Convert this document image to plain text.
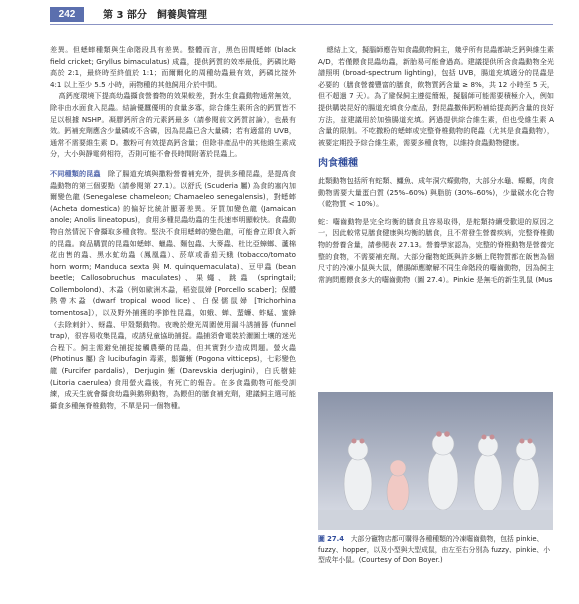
242	第 3 部分　飼養與管理

差異。但蟋蟀種類與生命階段具有差異。整體而言，黑色田間蟋蟀 (black field cricket; Gryllus bimaculatus) 成蟲，提供鈣質的效率最低，鈣磷比略高於 2:1，最終時至終值於 1:1；而爾爾化的周種幼蟲最有效，鈣磷比接外 4:1 以上至少 5.5 小時，兩物種的其他飼用介於中間。

高鈣度環境下提高幼蟲攝食營養物的效果較差，對水生食蟲動物通常無效，除非由水面食入昆蟲。結論優蠶優明的食量多寡，綜合維生素所含的鈣質皆不足以根據 NSHP。凝膠鈣所含的元素鈣最多（請參閱前文鈣質討論），也最有效。鈣補充劑應含少量磷或不含磷，因為昆蟲已含大量磷；若有適當的 UVB，通常不需要維生素 D。撒粉可有效提高鈣含量；但除非產品中的其他維生素成分，大小與靜電荷相符，否則可能不會長時間附著於昆蟲上。

不同種類的昆蟲　 除了腸道充填與撒粉營養補充外，提供多種昆蟲，是提高食蟲動物的第三個要點（請參閱第 27.1）。以舒氏 (Scuderia 屬) 為食的塞內加爾變色龍 (Senegalese chameleon; Chamaeleo senegalensis)，對蟋蟀 (Acheta domestica) 的偏好比統計顯著差異。牙買加變色龍 (Jamaican anole; Anolis lineatopus)，食用多種昆蟲幼蟲的生長速率明顯較快。食蟲動物自然情況下會攝取多種食物。堅決不食用蟋蟀的變色龍，可能會立即食入新的昆蟲。商品購買的昆蟲如蟋蟀、蠟蟲、麵包蟲、大麥蟲、杜比亞蟑螂、蘆棉花由售的蟲、黑水虻幼蟲（鳳凰蟲）、菸草或番茄天蛾 (tobacco/tomato horn worm; Manduca sexta 與 M. quinquemaculata)、豆甲蟲 (bean beetle; Callosobruchus maculates)、果蠅、跳蟲 (springtail; Collembolond)、木蝨（例如歐洲木蝨，稻瓷鼠婦 [Porcello scaber]；保體熱帶木蝨 (dwarf tropical wood lice)、白保儒鼠婦 [Trichorhina tomentosa]），以及野外捕獲的季節性昆蟲，如蛾、蝉、蜚蠊、蚱蜢、蜜蜂（去除刺針）、蚜蟲、甲殼類動物。夜晚於燈光周圍使用漏斗誘捕器 (funnel trap)，很容易收集昆蟲，或誘兒童協助捕捉。蟲捕須會電裝於灑圖土壤的迷光合程下。飼主需避免捕捉接觸農藥的昆蟲，但其實對少造成問題。螢火蟲 (Photinus 屬) 含 lucibufagin 毒素，鬃獅蜥 (Pogona vitticeps)，七彩變色龍 (Furcifer pardalis)，Derjugin 蜥 (Darevskia derjugini)，白氏樹蛙 (Litoria caerulea) 食用螢火蟲後，有死亡的報告。在多食蟲動物可能受訓練，成天生就會攝食幼蟲與鹅卵動物，為餵但的膳食補充劑，建議飼主選可能攝食多種無脊椎動物，不單是同一個物種。

總結上文，擬腦師應告知食蟲動物飼主，幾乎所有昆蟲都缺乏鈣與維生素 A/D，若僅餵食昆蟲幼蟲，新胎易可能會過高。建議提供所含食蟲動物全光譜照明 (broad-spectrum lighting)，包括 UVB，腸道充填適分的昆蟲是必要的（膳食營養豐富的膳食，飲物質鈣含量 ≥ 8%，共 12 小時至 5 天，但不超過 7 天）。為了避保飼主遵從簡報，擬腦師可能需要積極介入，例如提供購裝昆好的腸道充填食分產品，對昆蟲撒佈鈣粉補給提高鈣含量的良好方法，並建議用於加強腸道充填。鈣過提供綜合維生素，但也受維生素 A 含量的限制。不吃撒粉的蟋蟀或完整脊椎動物的爬蟲（尤其是食蟲動物），被要定期投予綜合維生素，需要多種食物，以維持食蟲動物健康。

肉食種種

此類動物包括所有蛇類、鱷魚、成年洞穴蠑動物，大部分水龜、蠑螈，肉食動物需要大量蛋白質 (25%–60%) 與脂肪 (30%–60%)，少量碳水化合物（乾物質 < 10%）。

蛇：囓齒動物是完全均衡的膳食且容易取得，是舵類持續受歡迎的原因之一，因此較常見膳食健康與均衡的膳食，且不常發生營養疾病，完整脊椎動物的營養含量，請參閱表 27.13。營養學家認為，完整的脊椎動物是營養完整的食物，不需要補充劑。大部分寵物蛇既與許多蜥上爬物質都在飯售為個尺寸的冷凍小鼠與大鼠，餵腸師應瞭解不同生命階段的囓齒動物，因為飼主常詢問應餵食多大的囓齒動物（圖 27.4）。Pinkie 是無毛的新生乳鼠 (Mus

圖 27.4　 大部分寵物店都可購得各種種類的冷凍囓齒動物，包括 pinkie、fuzzy、hopper，以及小型與大型成鼠，由左至右分別為 fuzzy、pinkie、小型成年小鼠。(Courtesy of Don Boyer.)
